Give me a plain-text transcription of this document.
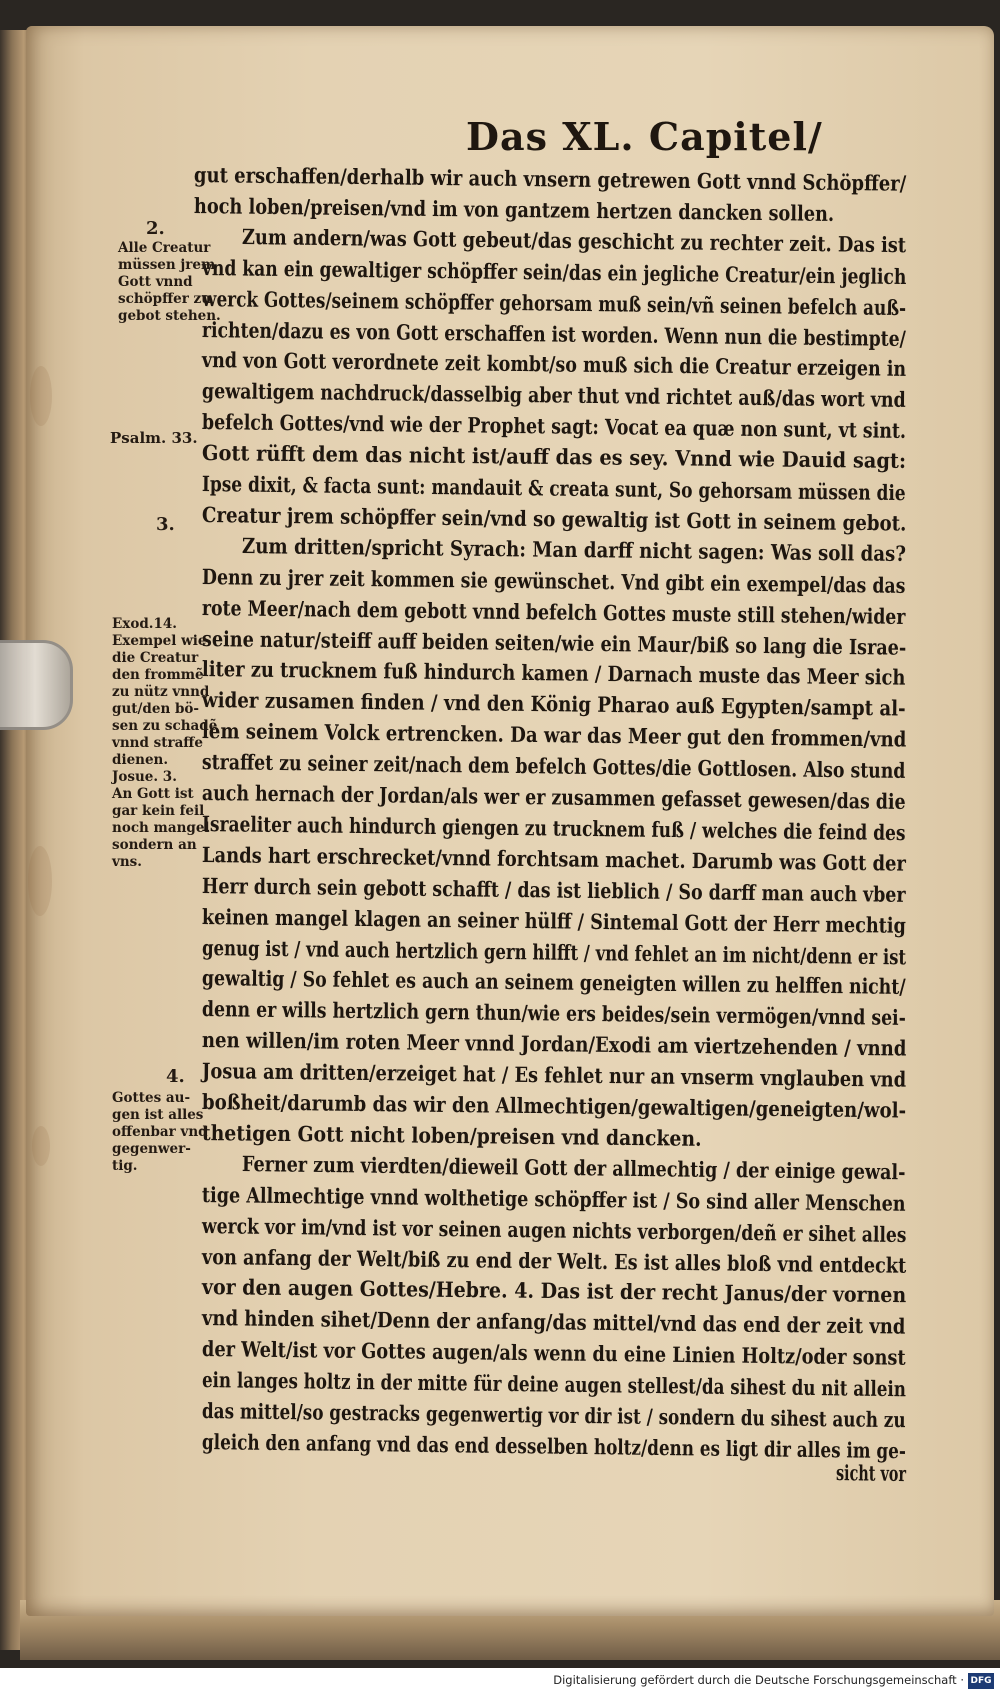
Das XL. Capitel/
gut erschaffen/derhalb wir auch vnsern getrewen Gott vnnd Schöpffer/
hoch loben/preisen/vnd im von gantzem hertzen dancken sollen.
Zum andern/was Gott gebeut/das geschicht zu rechter zeit. Das ist
vnd kan ein gewaltiger schöpffer sein/das ein jegliche Creatur/ein jeglich
werck Gottes/seinem schöpffer gehorsam muß sein/vñ seinen befelch auß-
richten/dazu es von Gott erschaffen ist worden. Wenn nun die bestimpte/
vnd von Gott verordnete zeit kombt/so muß sich die Creatur erzeigen in
gewaltigem nachdruck/dasselbig aber thut vnd richtet auß/das wort vnd
befelch Gottes/vnd wie der Prophet sagt: Vocat ea quæ non sunt, vt sint.
Gott rüfft dem das nicht ist/auff das es sey. Vnnd wie Dauid sagt:
Ipse dixit, & facta sunt: mandauit & creata sunt, So gehorsam müssen die
Creatur jrem schöpffer sein/vnd so gewaltig ist Gott in seinem gebot.
Zum dritten/spricht Syrach: Man darff nicht sagen: Was soll das?
Denn zu jrer zeit kommen sie gewünschet. Vnd gibt ein exempel/das das
rote Meer/nach dem gebott vnnd befelch Gottes muste still stehen/wider
seine natur/steiff auff beiden seiten/wie ein Maur/biß so lang die Israe-
liter zu trucknem fuß hindurch kamen / Darnach muste das Meer sich
wider zusamen finden / vnd den König Pharao auß Egypten/sampt al-
lem seinem Volck ertrencken. Da war das Meer gut den frommen/vnd
straffet zu seiner zeit/nach dem befelch Gottes/die Gottlosen. Also stund
auch hernach der Jordan/als wer er zusammen gefasset gewesen/das die
Israeliter auch hindurch giengen zu trucknem fuß / welches die feind des
Lands hart erschrecket/vnnd forchtsam machet. Darumb was Gott der
Herr durch sein gebott schafft / das ist lieblich / So darff man auch vber
keinen mangel klagen an seiner hülff / Sintemal Gott der Herr mechtig
genug ist / vnd auch hertzlich gern hilfft / vnd fehlet an im nicht/denn er ist
gewaltig / So fehlet es auch an seinem geneigten willen zu helffen nicht/
denn er wills hertzlich gern thun/wie ers beides/sein vermögen/vnnd sei-
nen willen/im roten Meer vnnd Jordan/Exodi am viertzehenden / vnnd
Josua am dritten/erzeiget hat / Es fehlet nur an vnserm vnglauben vnd
boßheit/darumb das wir den Allmechtigen/gewaltigen/geneigten/wol-
thetigen Gott nicht loben/preisen vnd dancken.
Ferner zum vierdten/dieweil Gott der allmechtig / der einige gewal-
tige Allmechtige vnnd wolthetige schöpffer ist / So sind aller Menschen
werck vor im/vnd ist vor seinen augen nichts verborgen/deñ er sihet alles
von anfang der Welt/biß zu end der Welt. Es ist alles bloß vnd entdeckt
vor den augen Gottes/Hebre. 4. Das ist der recht Janus/der vornen
vnd hinden sihet/Denn der anfang/das mittel/vnd das end der zeit vnd
der Welt/ist vor Gottes augen/als wenn du eine Linien Holtz/oder sonst
ein langes holtz in der mitte für deine augen stellest/da sihest du nit allein
das mittel/so gestracks gegenwertig vor dir ist / sondern du sihest auch zu
gleich den anfang vnd das end desselben holtz/denn es ligt dir alles im ge-
sicht vor
2.
Alle Creatur
müssen jrem
Gott vnnd
schöpffer zu
gebot stehen.
Psalm. 33.
3.
Exod.14.
Exempel wie
die Creatur
den frommẽ
zu nütz vnnd
gut/den bö-
sen zu schadẽ
vnnd straffe
dienen.
Josue. 3.
An Gott ist
gar kein feil
noch mangel
sondern an
vns.
4.
Gottes au-
gen ist alles
offenbar vnd
gegenwer-
tig.
Digitalisierung gefördert durch die Deutsche Forschungsgemeinschaft · DFG
